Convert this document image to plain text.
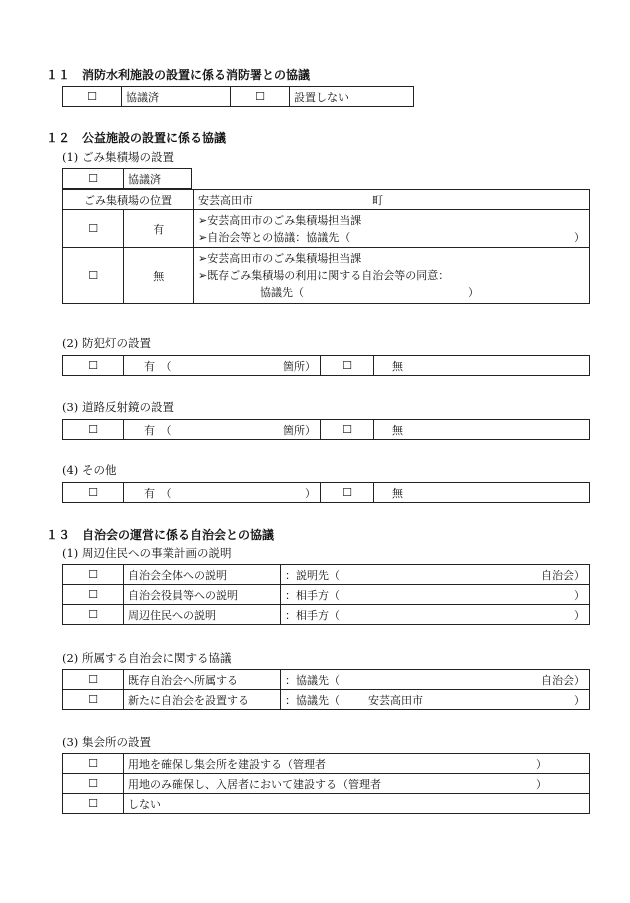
１１　消防水利施設の設置に係る消防署との協議
☐	協議済	☐	設置しない
１２　公益施設の設置に係る協議
(1) ごみ集積場の設置
☐	協議済
ごみ集積場の位置		安芸高田市 町
☐	有	➢安芸高田市のごみ集積場担当課
➢自治会等との協議：協議先（ ）

☐	無	➢安芸高田市のごみ集積場担当課
➢既存ごみ集積場の利用に関する自治会等の同意：
協議先（ ）
(2) 防犯灯の設置
☐	有　（	箇所）	☐	無
(3) 道路反射鏡の設置
☐	有　（	箇所）	☐	無
(4) その他
☐	有　（	）	☐	無
１３　自治会の運営に係る自治会との協議
(1) 周辺住民への事業計画の説明
☐	自治会全体への説明	：説明先（ 自治会）

☐	自治会役員等への説明	：相手方（ ）

☐	周辺住民への説明	：相手方（ ）
(2) 所属する自治会に関する協議
☐	既存自治会へ所属する	：協議先（ 自治会）

☐	新たに自治会を設置する	：協議先（ 安芸高田市 ）
(3) 集会所の設置
☐	用地を確保し集会所を建設する（管理者 ）

☐	用地のみ確保し、入居者において建設する（管理者 ）

☐	しない
